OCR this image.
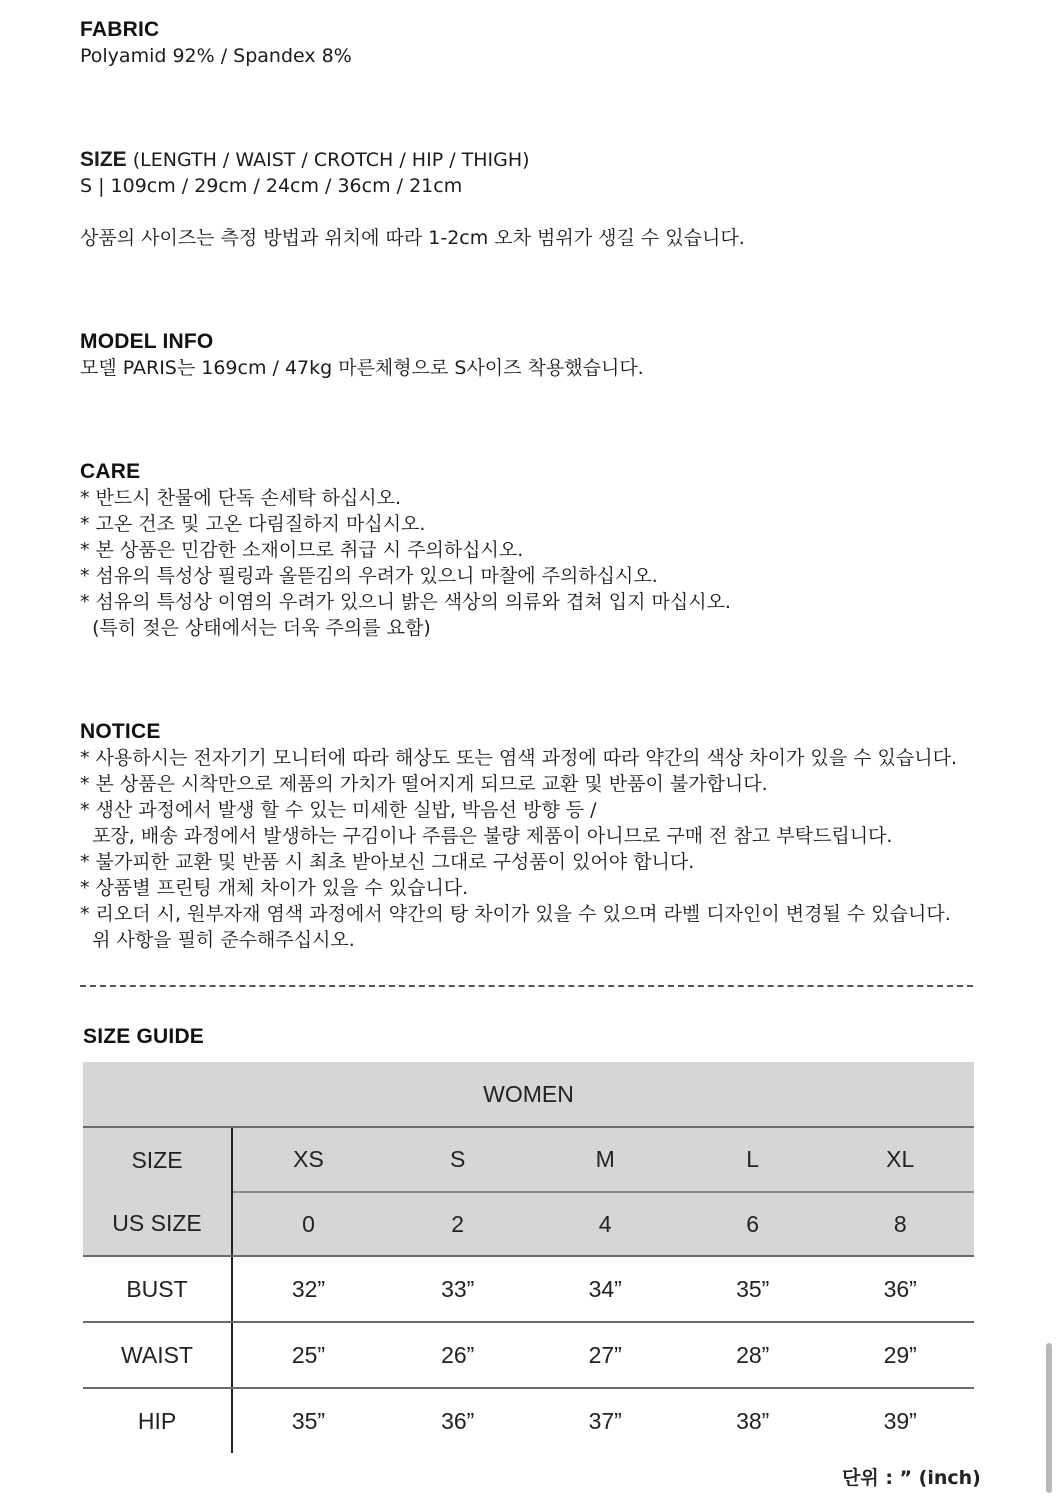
FABRIC
Polyamid 92% / Spandex 8%
SIZE (LENGTH / WAIST / CROTCH / HIP / THIGH)
S | 109cm / 29cm / 24cm / 36cm / 21cm
상품의 사이즈는 측정 방법과 위치에 따라 1-2cm 오차 범위가 생길 수 있습니다.
MODEL INFO
모델 PARIS는 169cm / 47kg 마른체형으로 S사이즈 착용했습니다.
CARE
* 반드시 찬물에 단독 손세탁 하십시오.
* 고온 건조 및 고온 다림질하지 마십시오.
* 본 상품은 민감한 소재이므로 취급 시 주의하십시오.
* 섬유의 특성상 필링과 올뜯김의 우려가 있으니 마찰에 주의하십시오.
* 섬유의 특성상 이염의 우려가 있으니 밝은 색상의 의류와 겹쳐 입지 마십시오.
(특히 젖은 상태에서는 더욱 주의를 요함)
NOTICE
* 사용하시는 전자기기 모니터에 따라 해상도 또는 염색 과정에 따라 약간의 색상 차이가 있을 수 있습니다.
* 본 상품은 시착만으로 제품의 가치가 떨어지게 되므로 교환 및 반품이 불가합니다.
* 생산 과정에서 발생 할 수 있는 미세한 실밥, 박음선 방향 등 /
포장, 배송 과정에서 발생하는 구김이나 주름은 불량 제품이 아니므로 구매 전 참고 부탁드립니다.
* 불가피한 교환 및 반품 시 최초 받아보신 그대로 구성품이 있어야 합니다.
* 상품별 프린팅 개체 차이가 있을 수 있습니다.
* 리오더 시, 원부자재 염색 과정에서 약간의 탕 차이가 있을 수 있으며 라벨 디자인이 변경될 수 있습니다.
위 사항을 필히 준수해주십시오.
SIZE GUIDE
WOMEN					
SIZE	XS	S	M	L	XL
US SIZE	0	2	4	6	8
BUST	32”	33”	34”	35”	36”
WAIST	25”	26”	27”	28”	29”
HIP	35”	36”	37”	38”	39”
단위 : ” (inch)
